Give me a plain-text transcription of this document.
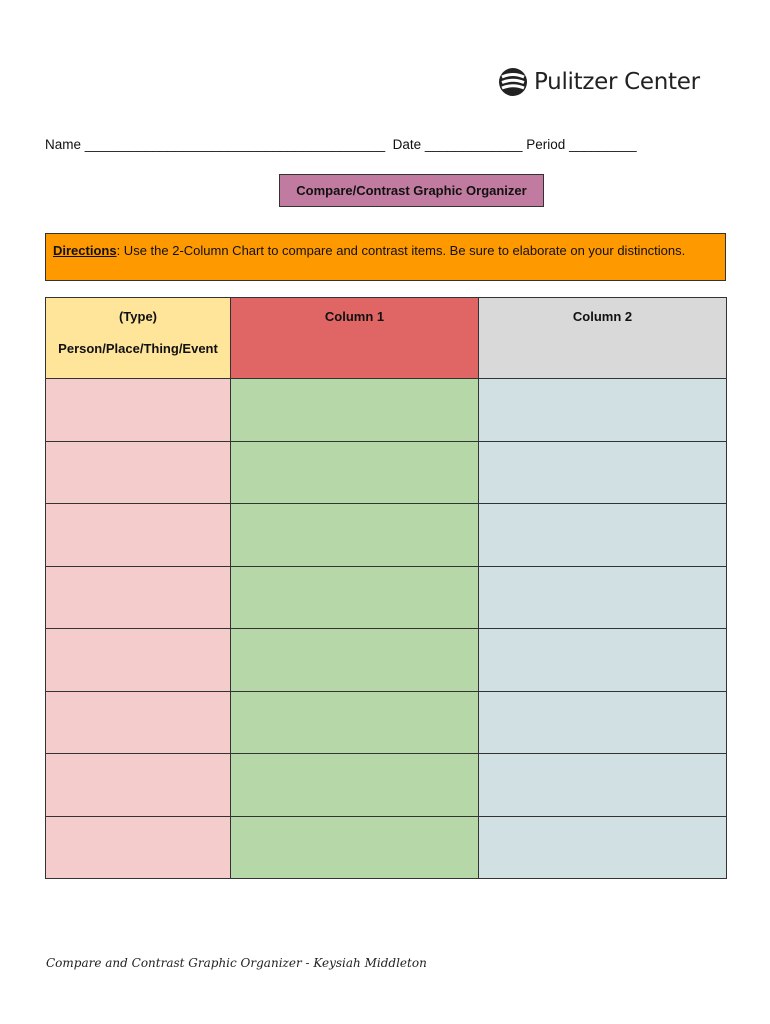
Pulitzer Center
Name ________________________________________ Date _____________ Period _________
Compare/Contrast Graphic Organizer
Directions: Use the 2-Column Chart to compare and contrast items. Be sure to elaborate on your distinctions.
(Type)
Person/Place/Thing/Event	Column 1	Column 2

Compare and Contrast Graphic Organizer - Keysiah Middleton
